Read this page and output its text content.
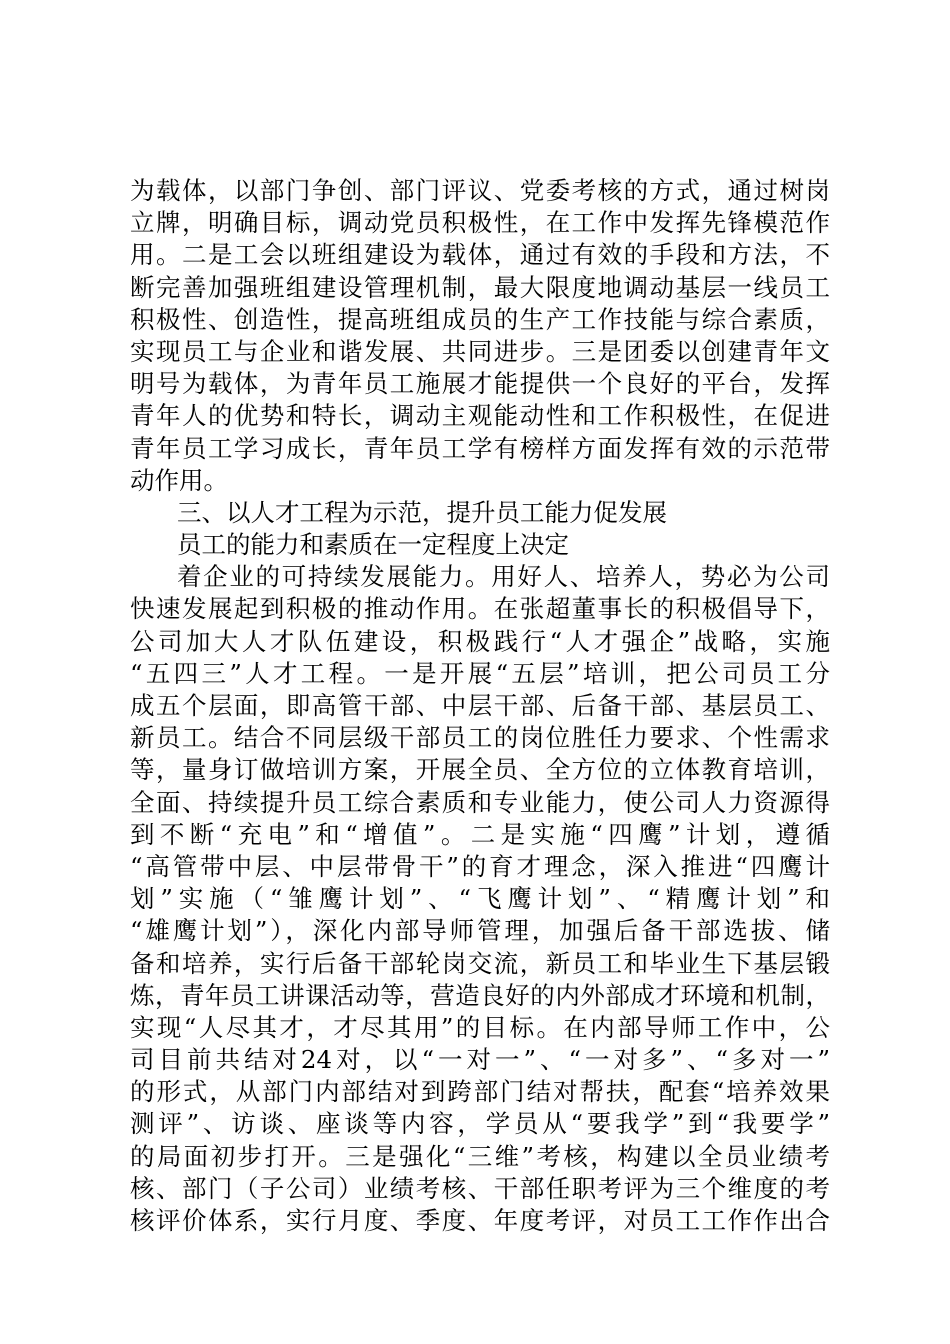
为载体，以部门争创、部门评议、党委考核的方式，通过树岗
立牌，明确目标，调动党员积极性，在工作中发挥先锋模范作
用。二是工会以班组建设为载体，通过有效的手段和方法，不
断完善加强班组建设管理机制，最大限度地调动基层一线员工
积极性、创造性，提高班组成员的生产工作技能与综合素质，
实现员工与企业和谐发展、共同进步。三是团委以创建青年文
明号为载体，为青年员工施展才能提供一个良好的平台，发挥
青年人的优势和特长，调动主观能动性和工作积极性，在促进
青年员工学习成长，青年员工学有榜样方面发挥有效的示范带
动作用。
三、以人才工程为示范，提升员工能力促发展
员工的能力和素质在一定程度上决定
着企业的可持续发展能力。用好人、培养人，势必为公司
快速发展起到积极的推动作用。在张超董事长的积极倡导下，
公司加大人才队伍建设，积极践行“人才强企”战略，实施
“五四三”人才工程。一是开展“五层”培训，把公司员工分
成五个层面，即高管干部、中层干部、后备干部、基层员工、
新员工。结合不同层级干部员工的岗位胜任力要求、个性需求
等，量身订做培训方案，开展全员、全方位的立体教育培训，
全面、持续提升员工综合素质和专业能力，使公司人力资源得
到不断“充电”和“增值”。二是实施“四鹰”计划，遵循
“高管带中层、中层带骨干”的育才理念，深入推进“四鹰计
划”实施（“雏鹰计划”、“飞鹰计划”、“精鹰计划”和
“雄鹰计划”），深化内部导师管理，加强后备干部选拔、储
备和培养，实行后备干部轮岗交流，新员工和毕业生下基层锻
炼，青年员工讲课活动等，营造良好的内外部成才环境和机制，
实现“人尽其才，才尽其用”的目标。在内部导师工作中，公
司目前共结对24对，以“一对一”、“一对多”、“多对一”
的形式，从部门内部结对到跨部门结对帮扶，配套“培养效果
测评”、访谈、座谈等内容，学员从“要我学”到“我要学”
的局面初步打开。三是强化“三维”考核，构建以全员业绩考
核、部门（子公司）业绩考核、干部任职考评为三个维度的考
核评价体系，实行月度、季度、年度考评，对员工工作作出合
